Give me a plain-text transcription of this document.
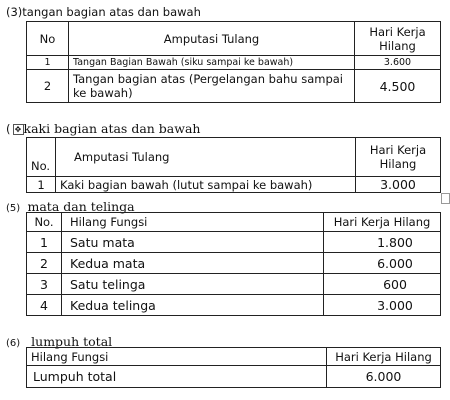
(3)tangan bagian atas dan bawah
No	Amputasi Tulang	Hari Kerja Hilang
1	Tangan Bagian Bawah (siku sampai ke bawah)	3.600
2	Tangan bagian atas (Pergelangan bahu sampai ke bawah)	4.500
( ✥ kaki bagian atas dan bawah
No.	Amputasi Tulang	Hari Kerja Hilang
1	Kaki bagian bawah (lutut sampai ke bawah)	3.000
(5) mata dan telinga
No.	Hilang Fungsi	Hari Kerja Hilang
1	Satu mata	1.800
2	Kedua mata	6.000
3	Satu telinga	600
4	Kedua telinga	3.000
(6) lumpuh total
Hilang Fungsi	Hari Kerja Hilang
Lumpuh total	6.000
